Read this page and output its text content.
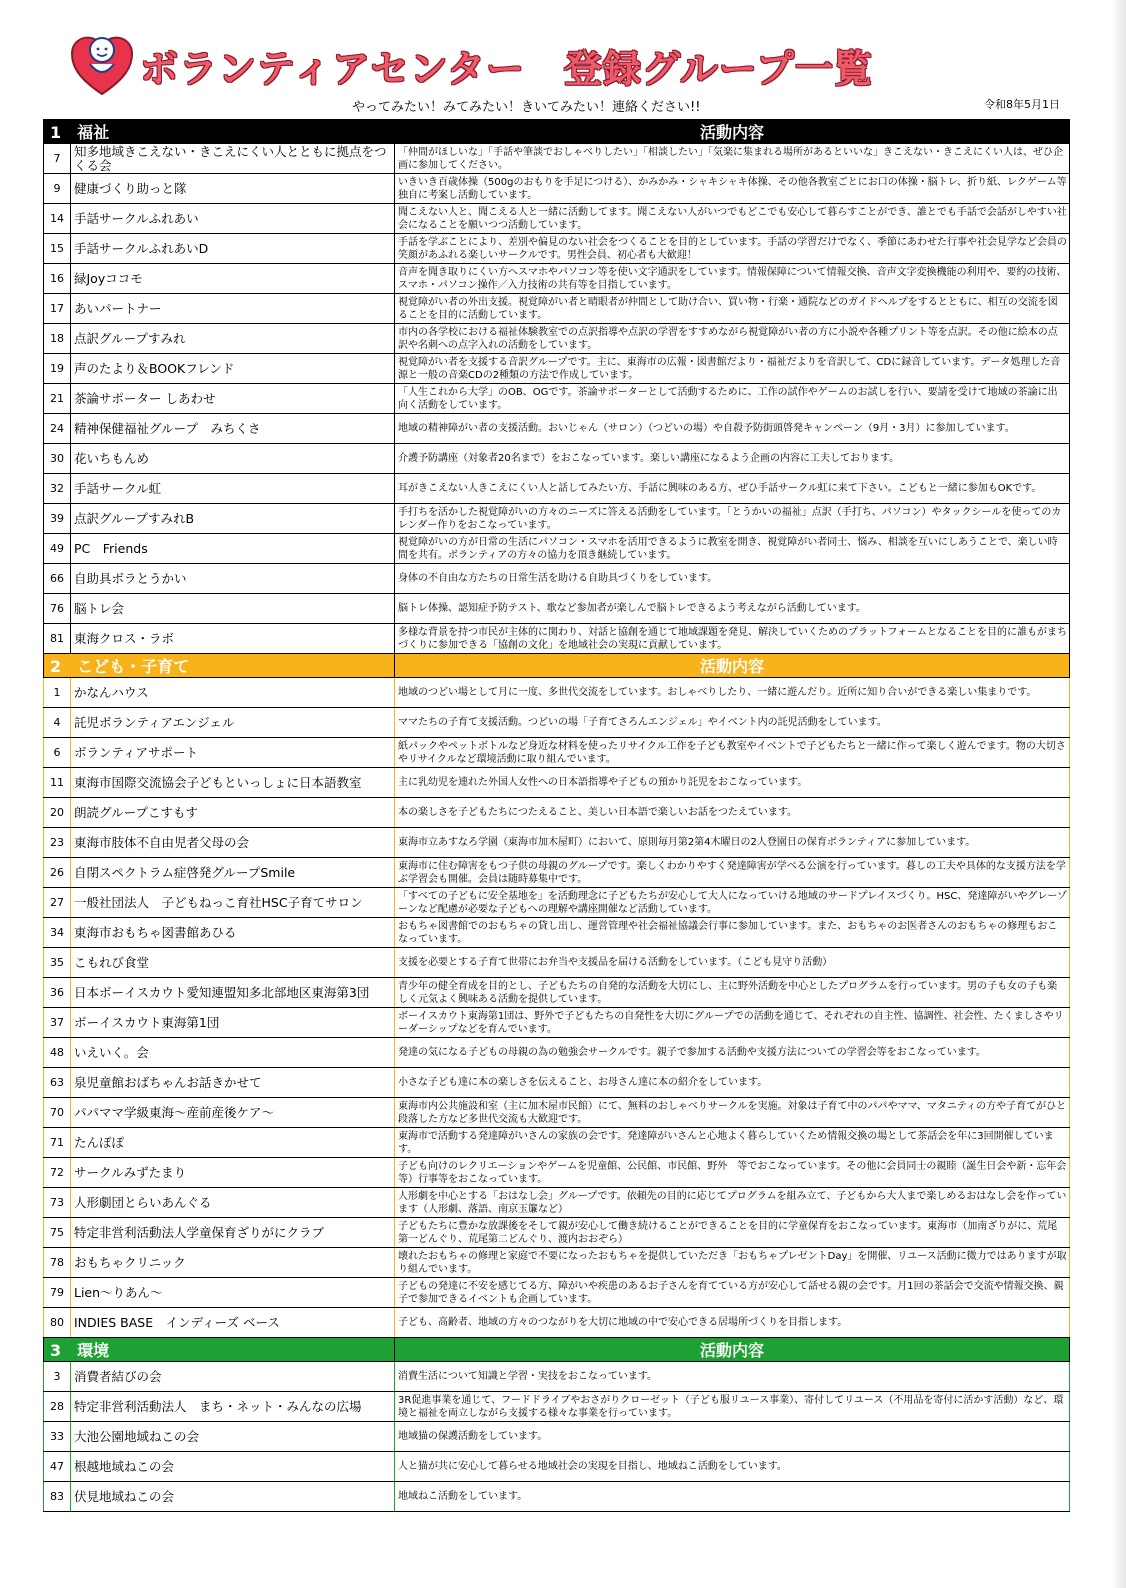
ボランティアセンター　登録グループ一覧
やってみたい！みてみたい！きいてみたい！連絡ください!!	令和8年5月1日
1　福祉		活動内容
7	知多地域きこえない・きこえにくい人とともに拠点をつくる会	「仲間がほしいな」「手話や筆談でおしゃべりしたい」「相談したい」「気楽に集まれる場所があるといいな」きこえない・きこえにくい人は、ぜひ企画に参加してください。
9	健康づくり助っと隊	いきいき百歳体操（500gのおもりを手足につける）、かみかみ・シャキシャキ体操、その他各教室ごとにお口の体操・脳トレ、折り紙、レクゲーム等独自に考案し活動しています。
14	手話サークルふれあい	聞こえない人と、聞こえる人と一緒に活動してます。聞こえない人がいつでもどこでも安心して暮らすことができ、誰とでも手話で会話がしやすい社会になることを願いつつ活動しています。
15	手話サークルふれあいD	手話を学ぶことにより、差別や偏見のない社会をつくることを目的としています。手話の学習だけでなく、季節にあわせた行事や社会見学など会員の笑顔があふれる楽しいサークルです。男性会員、初心者も大歓迎！
16	緑Joyココモ	音声を聞き取りにくい方へスマホやパソコン等を使い文字通訳をしています。情報保障について情報交換、音声文字変換機能の利用や、要約の技術、スマホ・パソコン操作／入力技術の共有等を目指しています。
17	あいパートナー	視覚障がい者の外出支援。視覚障がい者と晴眼者が仲間として助け合い、買い物・行楽・通院などのガイドヘルプをするとともに、相互の交流を図ることを目的に活動しています。
18	点訳グループすみれ	市内の各学校における福祉体験教室での点訳指導や点訳の学習をすすめながら視覚障がい者の方に小説や各種プリント等を点訳。その他に絵本の点訳や名刺への点字入れの活動をしています。
19	声のたより＆BOOKフレンド	視覚障がい者を支援する音訳グループです。主に、東海市の広報・図書館だより・福祉だよりを音訳して、CDに録音しています。データ処理した音源と一般の音楽CDの2種類の方法で作成しています。
21	茶論サポーター しあわせ	「人生これから大学」のOB、OGです。茶論サポーターとして活動するために、工作の試作やゲームのお試しを行い、要請を受けて地域の茶論に出向く活動をしています。
24	精神保健福祉グループ　みちくさ	地域の精神障がい者の支援活動。おいじゃん（サロン）（つどいの場）や自殺予防街頭啓発キャンペーン（9月・3月）に参加しています。
30	花いちもんめ	介護予防講座（対象者20名まで）をおこなっています。楽しい講座になるよう企画の内容に工夫しております。
32	手話サークル虹	耳がきこえない人きこえにくい人と話してみたい方、手話に興味のある方、ぜひ手話サークル虹に来て下さい。こどもと一緒に参加もOKです。
39	点訳グループすみれB	手打ちを活かした視覚障がいの方々のニーズに答える活動をしています。「とうかいの福祉」点訳（手打ち、パソコン）やタックシールを使ってのカレンダー作りをおこなっています。
49	PC　Friends	視覚障がいの方が日常の生活にパソコン・スマホを活用できるように教室を開き、視覚障がい者同士、悩み、相談を互いにしあうことで、楽しい時間を共有。ボランティアの方々の協力を頂き継続しています。
66	自助具ボラとうかい	身体の不自由な方たちの日常生活を助ける自助具づくりをしています。
76	脳トレ会	脳トレ体操、認知症予防テスト、歌など参加者が楽しんで脳トレできるよう考えながら活動しています。
81	東海クロス・ラボ	多様な背景を持つ市民が主体的に関わり、対話と協創を通じて地域課題を発見、解決していくためのプラットフォームとなることを目的に誰もがまちづくりに参加できる「協創の文化」を地域社会の実現に貢献しています。
2　こども・子育て		活動内容
1	かなんハウス	地域のつどい場として月に一度、多世代交流をしています。おしゃべりしたり、一緒に遊んだり。近所に知り合いができる楽しい集まりです。
4	託児ボランティアエンジェル	ママたちの子育て支援活動。つどいの場「子育てさろんエンジェル」やイベント内の託児活動をしています。
6	ボランティアサポート	紙パックやペットボトルなど身近な材料を使ったリサイクル工作を子ども教室やイベントで子どもたちと一緒に作って楽しく遊んでます。物の大切さやリサイクルなど環境活動に取り組んでいます。
11	東海市国際交流協会子どもといっしょに日本語教室	主に乳幼児を連れた外国人女性への日本語指導や子どもの預かり託児をおこなっています。
20	朗読グループこすもす	本の楽しさを子どもたちにつたえること、美しい日本語で楽しいお話をつたえています。
23	東海市肢体不自由児者父母の会	東海市立あすなろ学園（東海市加木屋町）において、原則毎月第2第4木曜日の2人登園日の保育ボランティアに参加しています。
26	自閉スペクトラム症啓発グループSmile	東海市に住む障害をもつ子供の母親のグループです。楽しくわかりやすく発達障害が学べる公演を行っています。暮しの工夫や具体的な支援方法を学ぶ学習会も開催。会員は随時募集中です。
27	一般社団法人　子どもねっこ育社HSC子育てサロン	「すべての子どもに安全基地を」を活動理念に子どもたちが安心して大人になっていける地域のサードプレイスづくり。HSC、発達障がいやグレーゾーンなど配慮が必要な子どもへの理解や講座開催など活動しています。
34	東海市おもちゃ図書館あひる	おもちゃ図書館でのおもちゃの貸し出し、運営管理や社会福祉協議会行事に参加しています。また、おもちゃのお医者さんのおもちゃの修理もおこなっています。
35	こもれび食堂	支援を必要とする子育て世帯にお弁当や支援品を届ける活動をしています。（こども見守り活動）
36	日本ボーイスカウト愛知連盟知多北部地区東海第3団	青少年の健全育成を目的とし、子どもたちの自発的な活動を大切にし、主に野外活動を中心としたプログラムを行っています。男の子も女の子も楽しく元気よく興味ある活動を提供しています。
37	ボーイスカウト東海第1団	ボーイスカウト東海第1団は、野外で子どもたちの自発性を大切にグループでの活動を通じて、それぞれの自主性、協調性、社会性、たくましさやリーダーシップなどを育んでいます。
48	いえいく。会	発達の気になる子どもの母親の為の勉強会サークルです。親子で参加する活動や支援方法についての学習会等をおこなっています。
63	泉児童館おばちゃんお話きかせて	小さな子ども達に本の楽しさを伝えること、お母さん達に本の紹介をしています。
70	パパママ学級東海～産前産後ケア～	東海市内公共施設和室（主に加木屋市民館）にて、無料のおしゃべりサークルを実施。対象は子育て中のパパやママ、マタニティの方や子育てがひと段落した方など多世代交流も大歓迎です。
71	たんぽぽ	東海市で活動する発達障がいさんの家族の会です。発達障がいさんと心地よく暮らしていくため情報交換の場として茶話会を年に3回開催しています。
72	サークルみずたまり	子ども向けのレクリエーションやゲームを児童館、公民館、市民館、野外　等でおこなっています。その他に会員同士の親睦（誕生日会や新・忘年会等）行事等をおこなっています。
73	人形劇団とらいあんぐる	人形劇を中心とする「おはなし会」グループです。依頼先の目的に応じてプログラムを組み立て、子どもから大人まで楽しめるおはなし会を作っています（人形劇、落語、南京玉簾など）
75	特定非営利活動法人学童保育ざりがにクラブ	子どもたちに豊かな放課後をそして親が安心して働き続けることができることを目的に学童保育をおこなっています。東海市（加南ざりがに、荒尾第一どんぐり、荒尾第二どんぐり、渡内おおぞら）
78	おもちゃクリニック	壊れたおもちゃの修理と家庭で不要になったおもちゃを提供していただき「おもちゃプレゼントDay」を開催、リユース活動に微力ではありますが取り組んでいます。
79	Lien～りあん～	子どもの発達に不安を感じてる方、障がいや疾患のあるお子さんを育てている方が安心して話せる親の会です。月1回の茶話会で交流や情報交換、親子で参加できるイベントも企画しています。
80	INDIES BASE　インディーズ ベース	子ども、高齢者、地域の方々のつながりを大切に地域の中で安心できる居場所づくりを目指します。
3　環境		活動内容
3	消費者結びの会	消費生活について知識と学習・実技をおこなっています。
28	特定非営利活動法人　まち・ネット・みんなの広場	3R促進事業を通じて、フードドライブやおさがりクローゼット（子ども服リユース事業）、寄付してリユース（不用品を寄付に活かす活動）など、環境と福祉を両立しながら支援する様々な事業を行っています。
33	大池公園地域ねこの会	地域猫の保護活動をしています。
47	根越地域ねこの会	人と猫が共に安心して暮らせる地域社会の実現を目指し、地域ねこ活動をしています。
83	伏見地域ねこの会	地域ねこ活動をしています。
